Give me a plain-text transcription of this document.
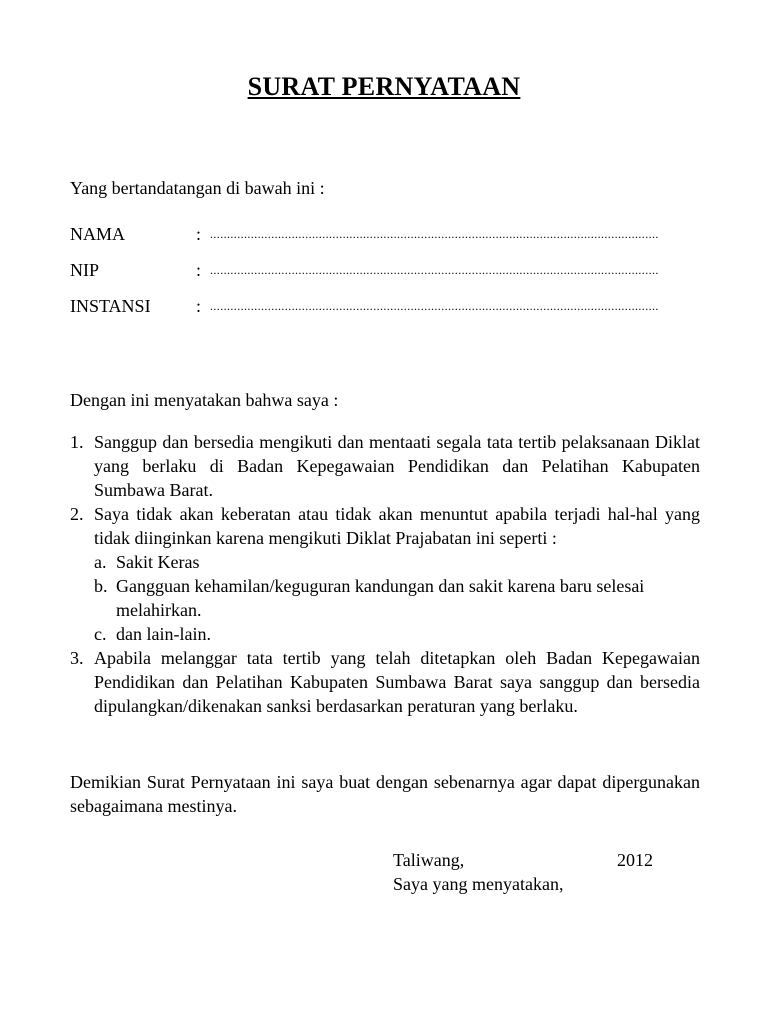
SURAT PERNYATAAN
Yang bertandatangan di bawah ini :
NAMA	: ....................................................................................................................................
NIP	: ....................................................................................................................................
INSTANSI	: ....................................................................................................................................
Dengan ini menyatakan bahwa saya :
1. Sanggup dan bersedia mengikuti dan mentaati segala tata tertib pelaksanaan Diklat yang berlaku di Badan Kepegawaian Pendidikan dan Pelatihan Kabupaten Sumbawa Barat.
2. Saya tidak akan keberatan atau tidak akan menuntut apabila terjadi hal-hal yang tidak diinginkan karena mengikuti Diklat Prajabatan ini seperti :
a. Sakit Keras
b. Gangguan kehamilan/keguguran kandungan dan sakit karena baru selesai melahirkan.
c. dan lain-lain.
3. Apabila melanggar tata tertib yang telah ditetapkan oleh Badan Kepegawaian Pendidikan dan Pelatihan Kabupaten Sumbawa Barat saya sanggup dan bersedia dipulangkan/dikenakan sanksi berdasarkan peraturan yang berlaku.
Demikian Surat Pernyataan ini saya buat dengan sebenarnya agar dapat dipergunakan sebagaimana mestinya.
Taliwang,	2012
Saya yang menyatakan,
